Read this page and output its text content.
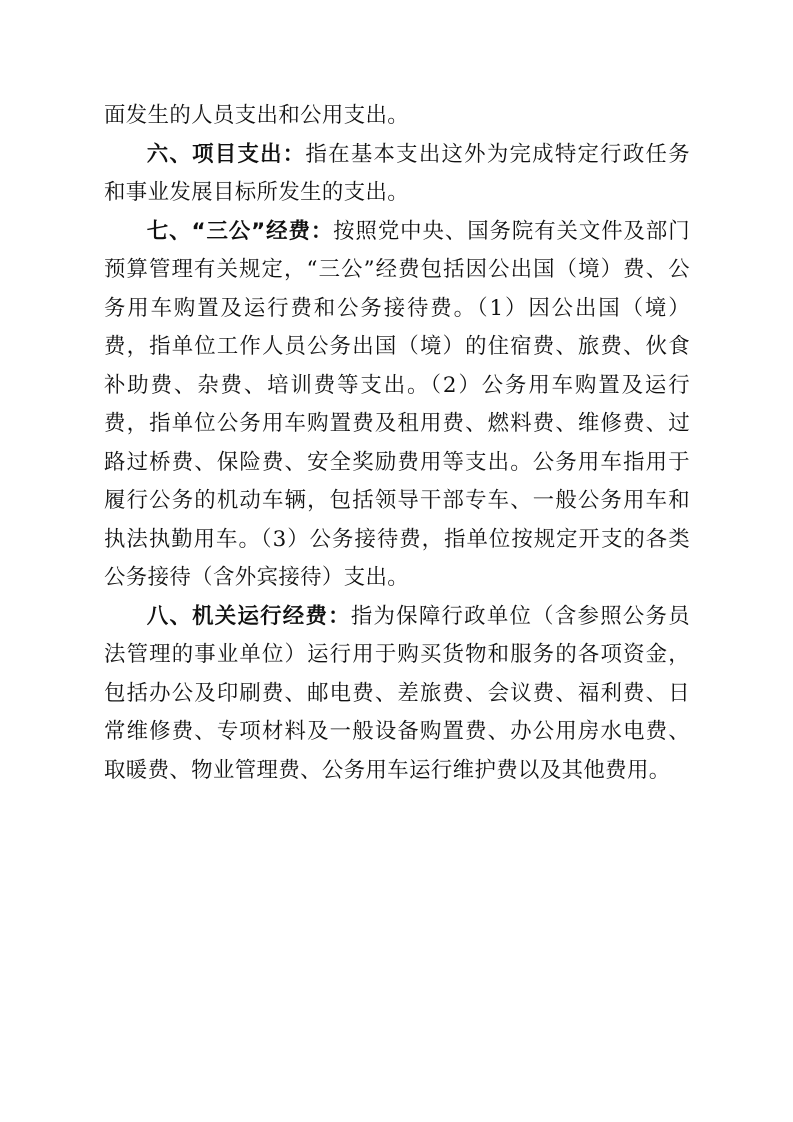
面发生的人员支出和公用支出。

六、项目支出：指在基本支出这外为完成特定行政任务和事业发展目标所发生的支出。

七、“三公”经费：按照党中央、国务院有关文件及部门预算管理有关规定，“三公”经费包括因公出国（境）费、公务用车购置及运行费和公务接待费。（1）因公出国（境）费，指单位工作人员公务出国（境）的住宿费、旅费、伙食补助费、杂费、培训费等支出。（2）公务用车购置及运行费，指单位公务用车购置费及租用费、燃料费、维修费、过路过桥费、保险费、安全奖励费用等支出。公务用车指用于履行公务的机动车辆，包括领导干部专车、一般公务用车和执法执勤用车。（3）公务接待费，指单位按规定开支的各类公务接待（含外宾接待）支出。

八、机关运行经费：指为保障行政单位（含参照公务员法管理的事业单位）运行用于购买货物和服务的各项资金，包括办公及印刷费、邮电费、差旅费、会议费、福利费、日常维修费、专项材料及一般设备购置费、办公用房水电费、取暖费、物业管理费、公务用车运行维护费以及其他费用。
